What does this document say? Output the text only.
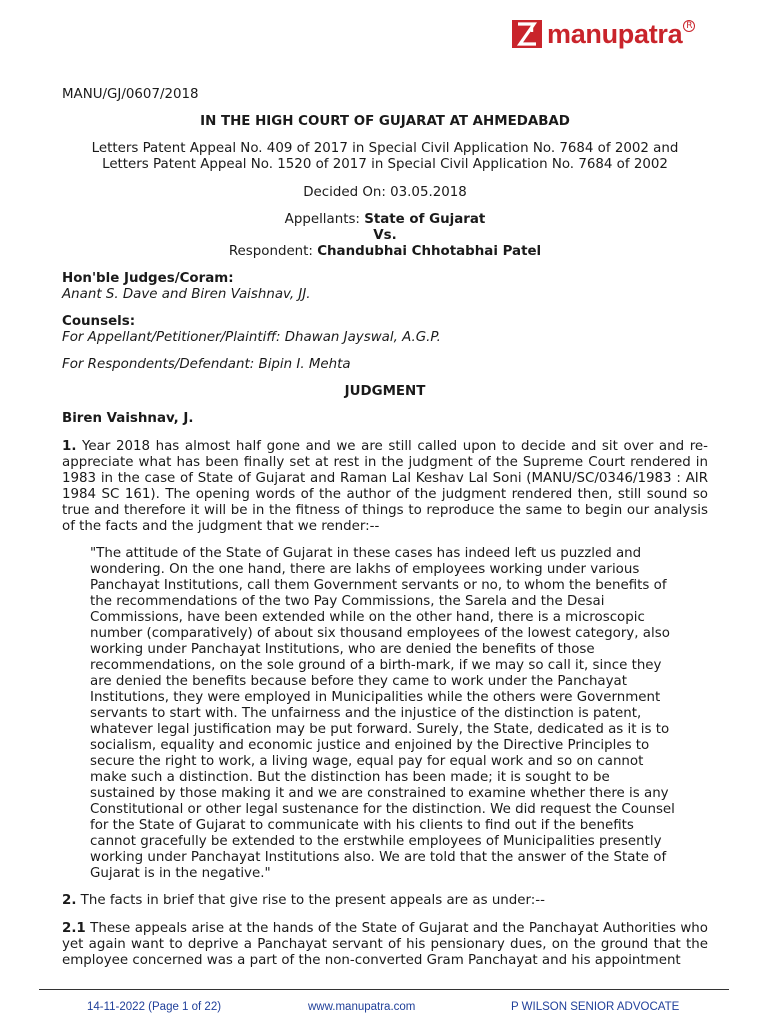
manupatra R

MANU/GJ/0607/2018

IN THE HIGH COURT OF GUJARAT AT AHMEDABAD

Letters Patent Appeal No. 409 of 2017 in Special Civil Application No. 7684 of 2002 and
Letters Patent Appeal No. 1520 of 2017 in Special Civil Application No. 7684 of 2002

Decided On: 03.05.2018

Appellants: State of Gujarat
Vs.
Respondent: Chandubhai Chhotabhai Patel

Hon'ble Judges/Coram:

Anant S. Dave and Biren Vaishnav, JJ.

Counsels:

For Appellant/Petitioner/Plaintiff: Dhawan Jayswal, A.G.P.

For Respondents/Defendant: Bipin I. Mehta

JUDGMENT

Biren Vaishnav, J.

1. Year 2018 has almost half gone and we are still called upon to decide and sit over and re-appreciate what has been finally set at rest in the judgment of the Supreme Court rendered in 1983 in the case of State of Gujarat and Raman Lal Keshav Lal Soni (MANU/SC/0346/1983 : AIR 1984 SC 161). The opening words of the author of the judgment rendered then, still sound so true and therefore it will be in the fitness of things to reproduce the same to begin our analysis of the facts and the judgment that we render:--

"The attitude of the State of Gujarat in these cases has indeed left us puzzled and
wondering. On the one hand, there are lakhs of employees working under various
Panchayat Institutions, call them Government servants or no, to whom the benefits of
the recommendations of the two Pay Commissions, the Sarela and the Desai
Commissions, have been extended while on the other hand, there is a microscopic
number (comparatively) of about six thousand employees of the lowest category, also
working under Panchayat Institutions, who are denied the benefits of those
recommendations, on the sole ground of a birth-mark, if we may so call it, since they
are denied the benefits because before they came to work under the Panchayat
Institutions, they were employed in Municipalities while the others were Government
servants to start with. The unfairness and the injustice of the distinction is patent,
whatever legal justification may be put forward. Surely, the State, dedicated as it is to
socialism, equality and economic justice and enjoined by the Directive Principles to
secure the right to work, a living wage, equal pay for equal work and so on cannot
make such a distinction. But the distinction has been made; it is sought to be
sustained by those making it and we are constrained to examine whether there is any
Constitutional or other legal sustenance for the distinction. We did request the Counsel
for the State of Gujarat to communicate with his clients to find out if the benefits
cannot gracefully be extended to the erstwhile employees of Municipalities presently
working under Panchayat Institutions also. We are told that the answer of the State of
Gujarat is in the negative."

2. The facts in brief that give rise to the present appeals are as under:--

2.1 These appeals arise at the hands of the State of Gujarat and the Panchayat Authorities who yet again want to deprive a Panchayat servant of his pensionary dues, on the ground that the employee concerned was a part of the non-converted Gram Panchayat and his appointment

14-11-2022 (Page 1 of 22)	www.manupatra.com	P WILSON SENIOR ADVOCATE
